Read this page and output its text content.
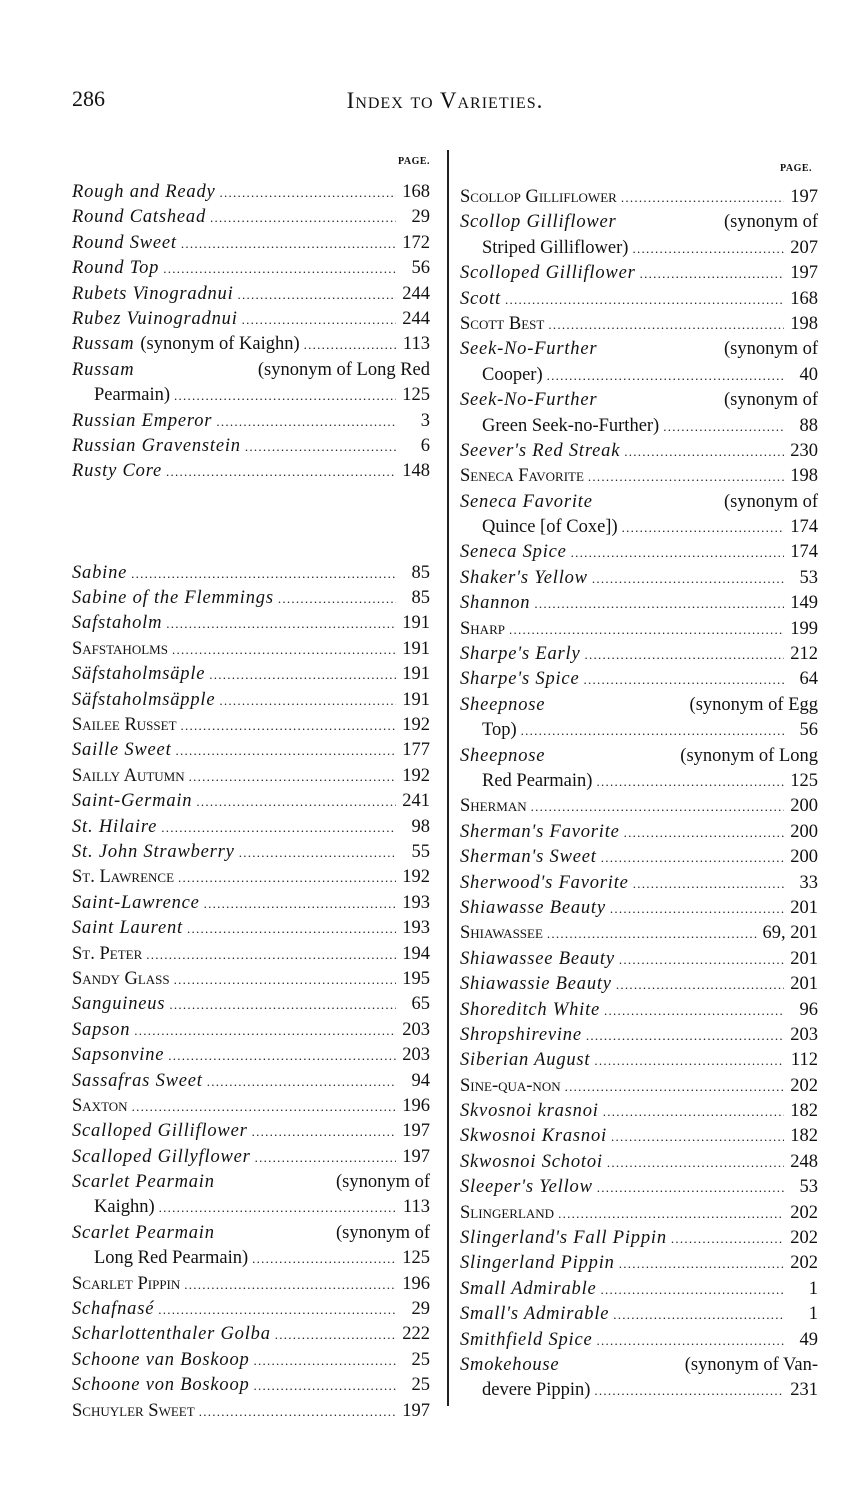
286	Index to Varieties.
PAGE.
PAGE.
Rough and Ready . . .	168
Round Catshead . . .	29
Round Sweet . . .	172
Round Top . . .	56
Rubets Vinogradnui . . .	244
Rubez Vuinogradnui . . .	244
Russam (synonym of Kaighn) . . .	113
Russam	(synonym of Long Red
Pearmain) . . .	125
Russian Emperor . . .	3
Russian Gravenstein . . .	6
Rusty Core . . .	148
Sabine . . .	85
Sabine of the Flemmings . . .	85
Safstaholm . . .	191
Safstaholms . . .	191
Säfstaholmsäple . . .	191
Säfstaholmsäpple . . .	191
Sailee Russet . . .	192
Saille Sweet . . .	177
Sailly Autumn . . .	192
Saint-Germain . . .	241
St. Hilaire . . .	98
St. John Strawberry . . .	55
St. Lawrence . . .	192
Saint-Lawrence . . .	193
Saint Laurent . . .	193
St. Peter . . .	194
Sandy Glass . . .	195
Sanguineus . . .	65
Sapson . . .	203
Sapsonvine . . .	203
Sassafras Sweet . . .	94
Saxton . . .	196
Scalloped Gilliflower . . .	197
Scalloped Gillyflower . . .	197
Scarlet Pearmain	(synonym of
Kaighn) . . .	113
Scarlet Pearmain	(synonym of
Long Red Pearmain) . . .	125
Scarlet Pippin . . .	196
Schafnasé . . .	29
Scharlottenthaler Golba . . .	222
Schoone van Boskoop . . .	25
Schoone von Boskoop . . .	25
Schuyler Sweet . . .	197
Scollop Gilliflower . . .	197
Scollop Gilliflower	(synonym of
Striped Gilliflower) . . .	207
Scolloped Gilliflower . . .	197
Scott . . .	168
Scott Best . . .	198
Seek-No-Further	(synonym of
Cooper) . . .	40
Seek-No-Further	(synonym of
Green Seek-no-Further) . . .	88
Seever's Red Streak . . .	230
Seneca Favorite . . .	198
Seneca Favorite	(synonym of
Quince [of Coxe]) . . .	174
Seneca Spice . . .	174
Shaker's Yellow . . .	53
Shannon . . .	149
Sharp . . .	199
Sharpe's Early . . .	212
Sharpe's Spice . . .	64
Sheepnose	(synonym of Egg
Top) . . .	56
Sheepnose	(synonym of Long
Red Pearmain) . . .	125
Sherman . . .	200
Sherman's Favorite . . .	200
Sherman's Sweet . . .	200
Sherwood's Favorite . . .	33
Shiawasse Beauty . . .	201
Shiawassee . . .	69, 201
Shiawassee Beauty . . .	201
Shiawassie Beauty . . .	201
Shoreditch White . . .	96
Shropshirevine . . .	203
Siberian August . . .	112
Sine-qua-non . . .	202
Skvosnoi krasnoi . . .	182
Skwosnoi Krasnoi . . .	182
Skwosnoi Schotoi . . .	248
Sleeper's Yellow . . .	53
Slingerland . . .	202
Slingerland's Fall Pippin . . .	202
Slingerland Pippin . . .	202
Small Admirable . . .	1
Small's Admirable . . .	1
Smithfield Spice . . .	49
Smokehouse	(synonym of Van-
devere Pippin) . . .	231
